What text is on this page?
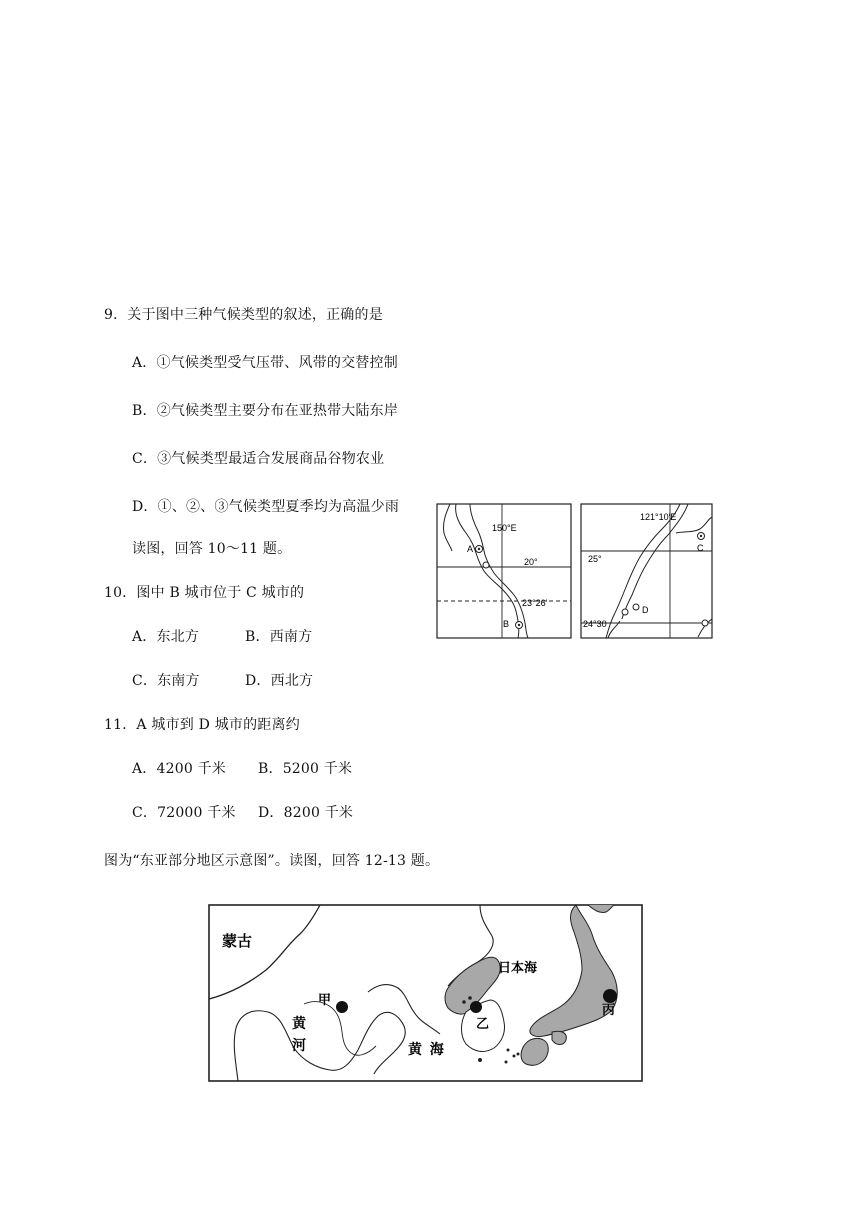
9．关于图中三种气候类型的叙述，正确的是
A．①气候类型受气压带、风带的交替控制
B．②气候类型主要分布在亚热带大陆东岸
C．③气候类型最适合发展商品谷物农业
D．①、②、③气候类型夏季均为高温少雨
读图，回答 10～11 题。
10．图中 B 城市位于 C 城市的
A．东北方	B．西南方
C．东南方	D．西北方
11．A 城市到 D 城市的距离约
A．4200 千米 B．5200 千米
C．72000 千米 D．8200 千米
图为“东亚部分地区示意图”。读图，回答 12-13 题。
150°E
20°
23°26′
A
B
121°10′E
25°
24°30
C
D
蒙古
日本海
甲
乙
丙
黄
河	黄  海
